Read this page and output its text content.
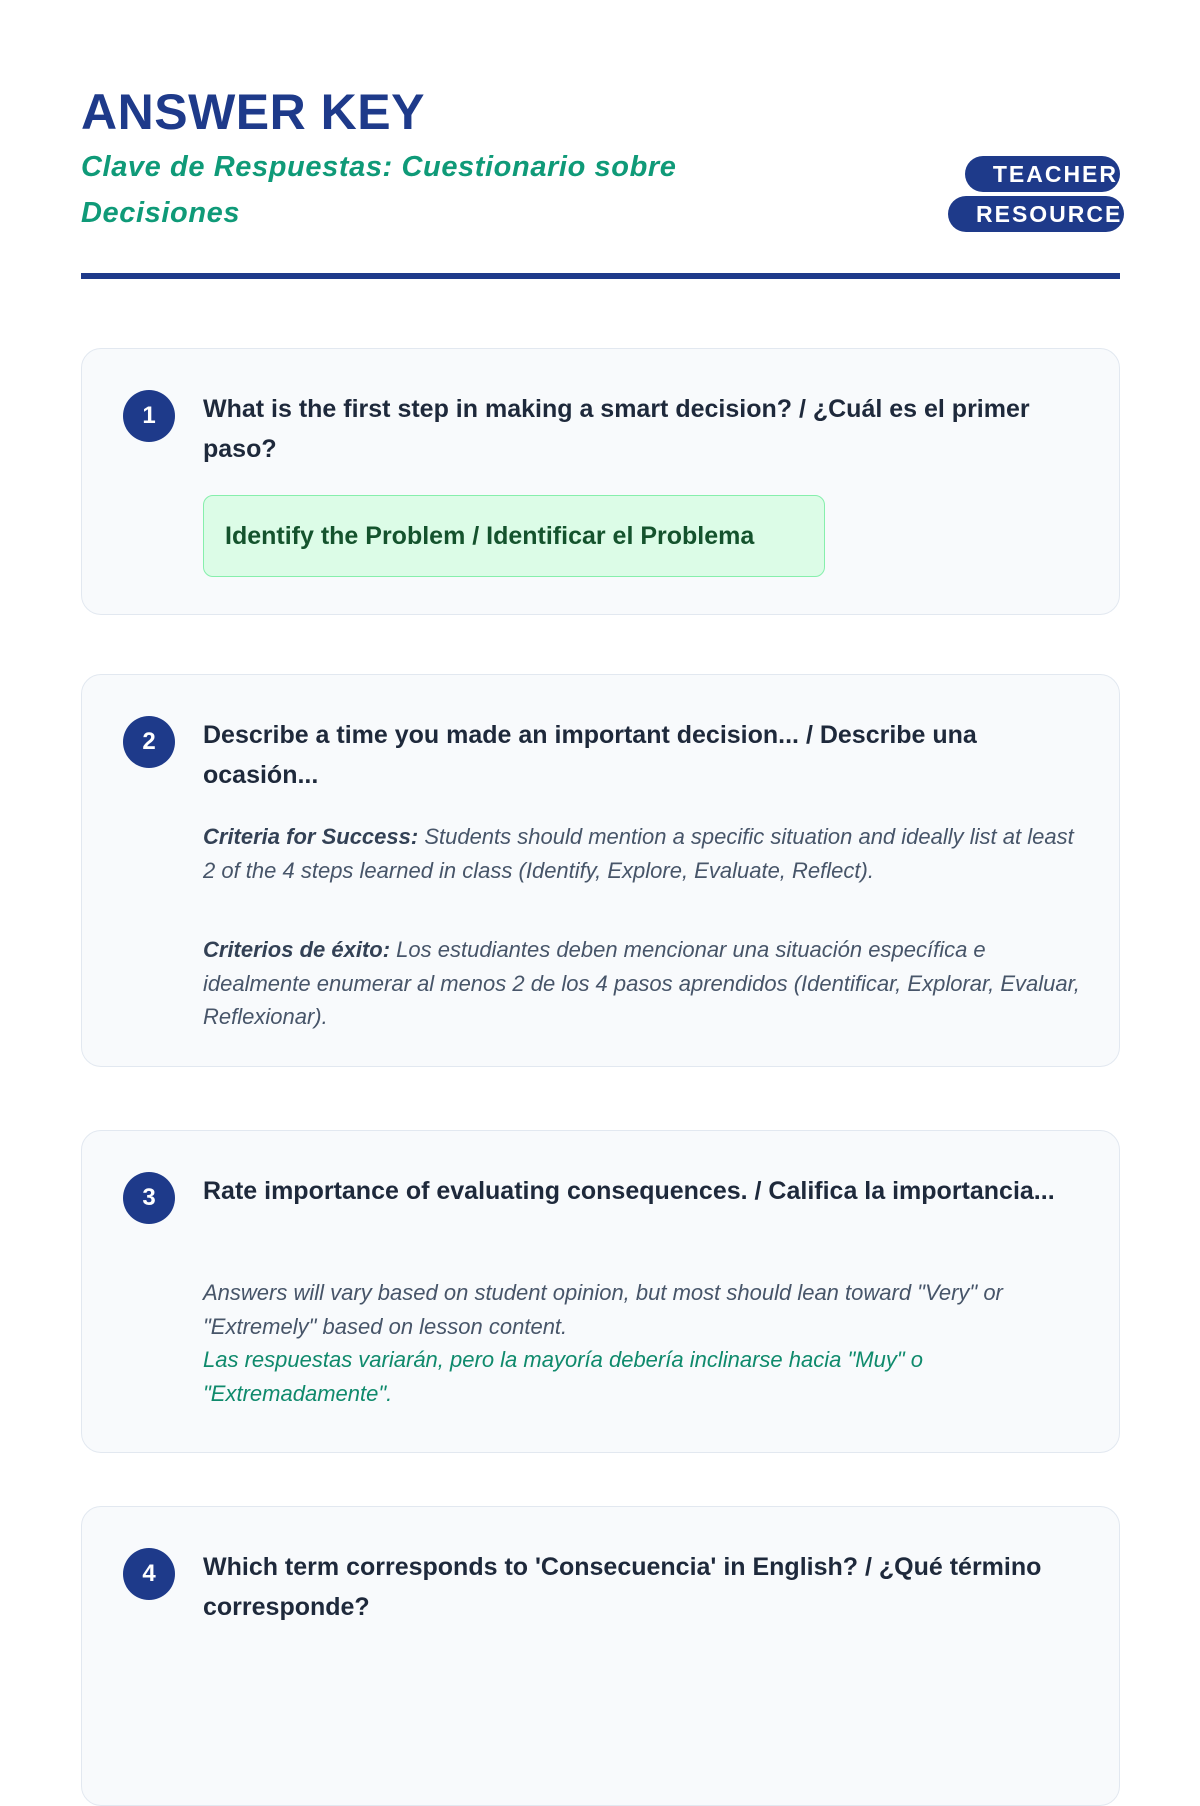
ANSWER KEY
Clave de Respuestas: Cuestionario sobre Decisiones
TEACHER RESOURCE
1	What is the first step in making a smart decision? / ¿Cuál es el primer paso?
Identify the Problem / Identificar el Problema
2	Describe a time you made an important decision... / Describe una ocasión...

Criteria for Success: Students should mention a specific situation and ideally list at least 2 of the 4 steps learned in class (Identify, Explore, Evaluate, Reflect).

Criterios de éxito: Los estudiantes deben mencionar una situación específica e idealmente enumerar al menos 2 de los 4 pasos aprendidos (Identificar, Explorar, Evaluar, Reflexionar).

3	Rate importance of evaluating consequences. / Califica la importancia...
Answers will vary based on student opinion, but most should lean toward "Very" or "Extremely" based on lesson content.
Las respuestas variarán, pero la mayoría debería inclinarse hacia "Muy" o "Extremadamente".
4	Which term corresponds to 'Consecuencia' in English? / ¿Qué término corresponde?
